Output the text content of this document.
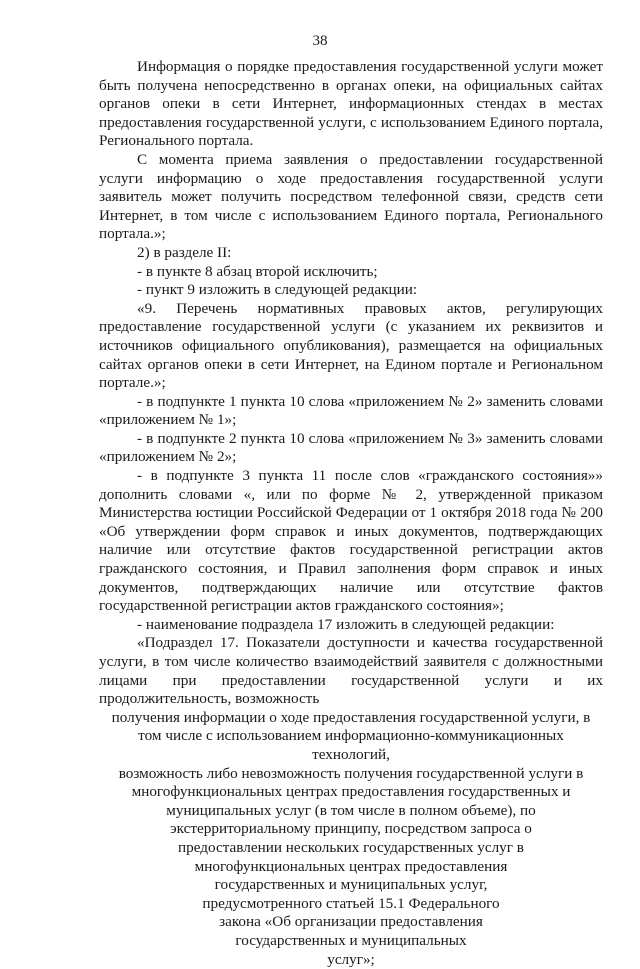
38

Информация о порядке предоставления государственной услуги может быть получена непосредственно в органах опеки, на официальных сайтах органов опеки в сети Интернет, информационных стендах в местах предоставления государственной услуги, с использованием Единого портала, Регионального портала.

С момента приема заявления о предоставлении государственной услуги информацию о ходе предоставления государственной услуги заявитель может получить посредством телефонной связи, средств сети Интернет, в том числе с использованием Единого портала, Регионального портала.»;

2) в разделе II:

- в пункте 8 абзац второй исключить;

- пункт 9 изложить в следующей редакции:

«9. Перечень нормативных правовых актов, регулирующих предоставление государственной услуги (с указанием их реквизитов и источников официального опубликования), размещается на официальных сайтах органов опеки в сети Интернет, на Едином портале и Региональном портале.»;

- в подпункте 1 пункта 10 слова «приложением № 2» заменить словами «приложением № 1»;

- в подпункте 2 пункта 10 слова «приложением № 3» заменить словами «приложением № 2»;

- в подпункте 3 пункта 11 после слов «гражданского состояния»» дополнить словами «, или по форме № 2, утвержденной приказом Министерства юстиции Российской Федерации от 1 октября 2018 года № 200 «Об утверждении форм справок и иных документов, подтверждающих наличие или отсутствие фактов государственной регистрации актов гражданского состояния, и Правил заполнения форм справок и иных документов, подтверждающих наличие или отсутствие фактов государственной регистрации актов гражданского состояния»;

- наименование подраздела 17 изложить в следующей редакции:

«Подраздел 17. Показатели доступности и качества государственной услуги, в том числе количество взаимодействий заявителя с должностными лицами при предоставлении государственной услуги и их продолжительность, возможность

получения информации о ходе предоставления государственной услуги, в

том числе с использованием информационно-коммуникационных технологий,

возможность либо невозможность получения государственной услуги в

многофункциональных центрах предоставления государственных и

муниципальных услуг (в том числе в полном объеме), по

экстерриториальному принципу, посредством запроса о

предоставлении нескольких государственных услуг в

многофункциональных центрах предоставления

государственных и муниципальных услуг,

предусмотренного статьей 15.1 Федерального

закона «Об организации предоставления

государственных и муниципальных

услуг»;
